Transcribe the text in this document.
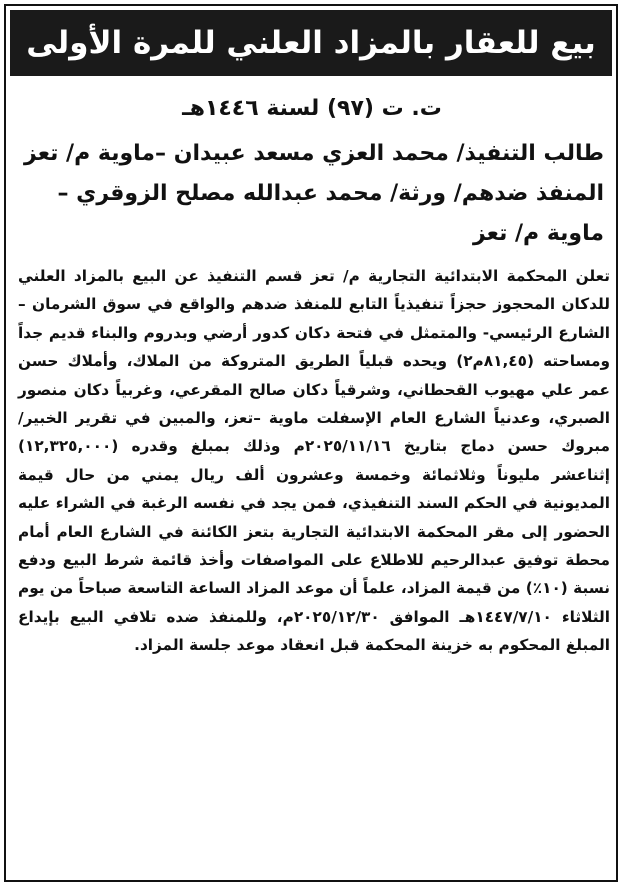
بيع للعقار بالمزاد العلني للمرة الأولى
ت. ت (٩٧) لسنة ١٤٤٦هـ

طالب التنفيذ/ محمد العزي مسعد عبيدان –ماوية م/ تعز

المنفذ ضدهم/ ورثة/ محمد عبدالله مصلح الزوقري –

ماوية م/ تعز

تعلن المحكمة الابتدائية التجارية م/ تعز قسم التنفيذ عن البيع بالمزاد العلني للدكان المحجوز حجزاً تنفيذياً التابع للمنفذ ضدهم والواقع في سوق الشرمان –الشارع الرئيسي- والمتمثل في فتحة دكان كدور أرضي وبدروم والبناء قديم جداً ومساحته (٨١,٤٥م٢) ويحده قبلياً الطريق المتروكة من الملاك، وأملاك حسن عمر علي مهيوب القحطاني، وشرقياً دكان صالح المقرعي، وغربياً دكان منصور الصبري، وعدنياً الشارع العام الإسفلت ماوية –تعز، والمبين في تقرير الخبير/ مبروك حسن دماج بتاريخ ٢٠٢٥/١١/١٦م وذلك بمبلغ وقدره (١٢,٣٢٥,٠٠٠) إثناعشر مليوناً وثلاثمائة وخمسة وعشرون ألف ريال يمني من حال قيمة المديونية في الحكم السند التنفيذي، فمن يجد في نفسه الرغبة في الشراء عليه الحضور إلى مقر المحكمة الابتدائية التجارية بتعز الكائنة في الشارع العام أمام محطة توفيق عبدالرحيم للاطلاع على المواصفات وأخذ قائمة شرط البيع ودفع نسبة (١٠٪) من قيمة المزاد، علماً أن موعد المزاد الساعة التاسعة صباحاً من يوم الثلاثاء ١٤٤٧/٧/١٠هـ الموافق ٢٠٢٥/١٢/٣٠م، وللمنفذ ضده تلافي البيع بإيداع المبلغ المحكوم به خزينة المحكمة قبل انعقاد موعد جلسة المزاد.
